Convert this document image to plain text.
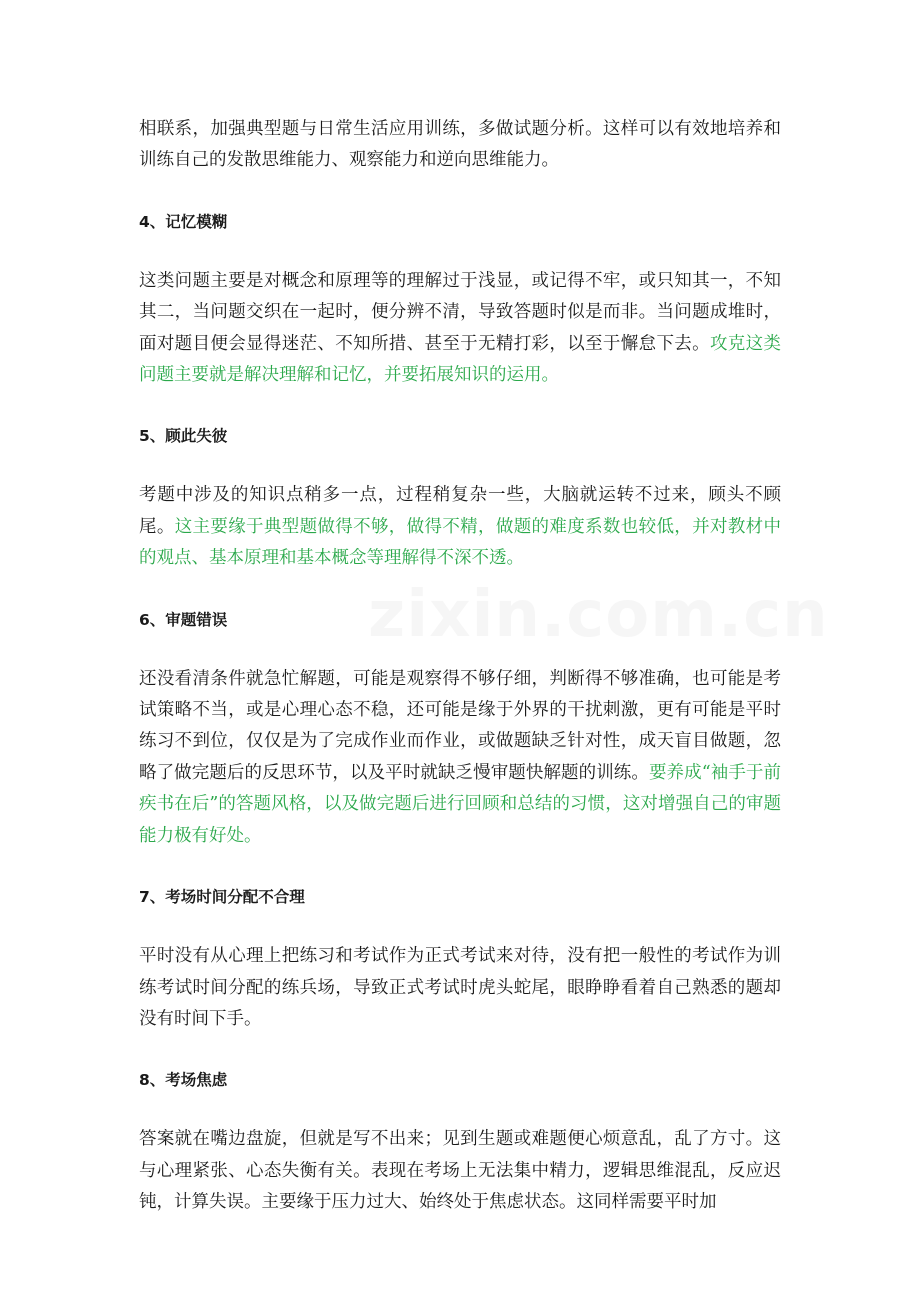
zixin.com.cn

相联系，加强典型题与日常生活应用训练，多做试题分析。这样可以有效地培养和训练自己的发散思维能力、观察能力和逆向思维能力。

4、记忆模糊

这类问题主要是对概念和原理等的理解过于浅显，或记得不牢，或只知其一，不知其二，当问题交织在一起时，便分辨不清，导致答题时似是而非。当问题成堆时，面对题目便会显得迷茫、不知所措、甚至于无精打彩，以至于懈怠下去。攻克这类问题主要就是解决理解和记忆，并要拓展知识的运用。

5、顾此失彼

考题中涉及的知识点稍多一点，过程稍复杂一些，大脑就运转不过来，顾头不顾尾。这主要缘于典型题做得不够，做得不精，做题的难度系数也较低，并对教材中的观点、基本原理和基本概念等理解得不深不透。

6、审题错误

还没看清条件就急忙解题，可能是观察得不够仔细，判断得不够准确，也可能是考试策略不当，或是心理心态不稳，还可能是缘于外界的干扰刺激，更有可能是平时 练习不到位，仅仅是为了完成作业而作业，或做题缺乏针对性，成天盲目做题，忽略了做完题后的反思环节，以及平时就缺乏慢审题快解题的训练。要养成“袖手于前疾书在后”的答题风格，以及做完题后进行回顾和总结的习惯，这对增强自己的审题能力极有好处。

7、考场时间分配不合理

平时没有从心理上把练习和考试作为正式考试来对待，没有把一般性的考试作为训练考试时间分配的练兵场，导致正式考试时虎头蛇尾，眼睁睁看着自己熟悉的题却没有时间下手。

8、考场焦虑

答案就在嘴边盘旋，但就是写不出来；见到生题或难题便心烦意乱，乱了方寸。这与心理紧张、心态失衡有关。表现在考场上无法集中精力，逻辑思维混乱，反应迟钝，计算失误。主要缘于压力过大、始终处于焦虑状态。这同样需要平时加
